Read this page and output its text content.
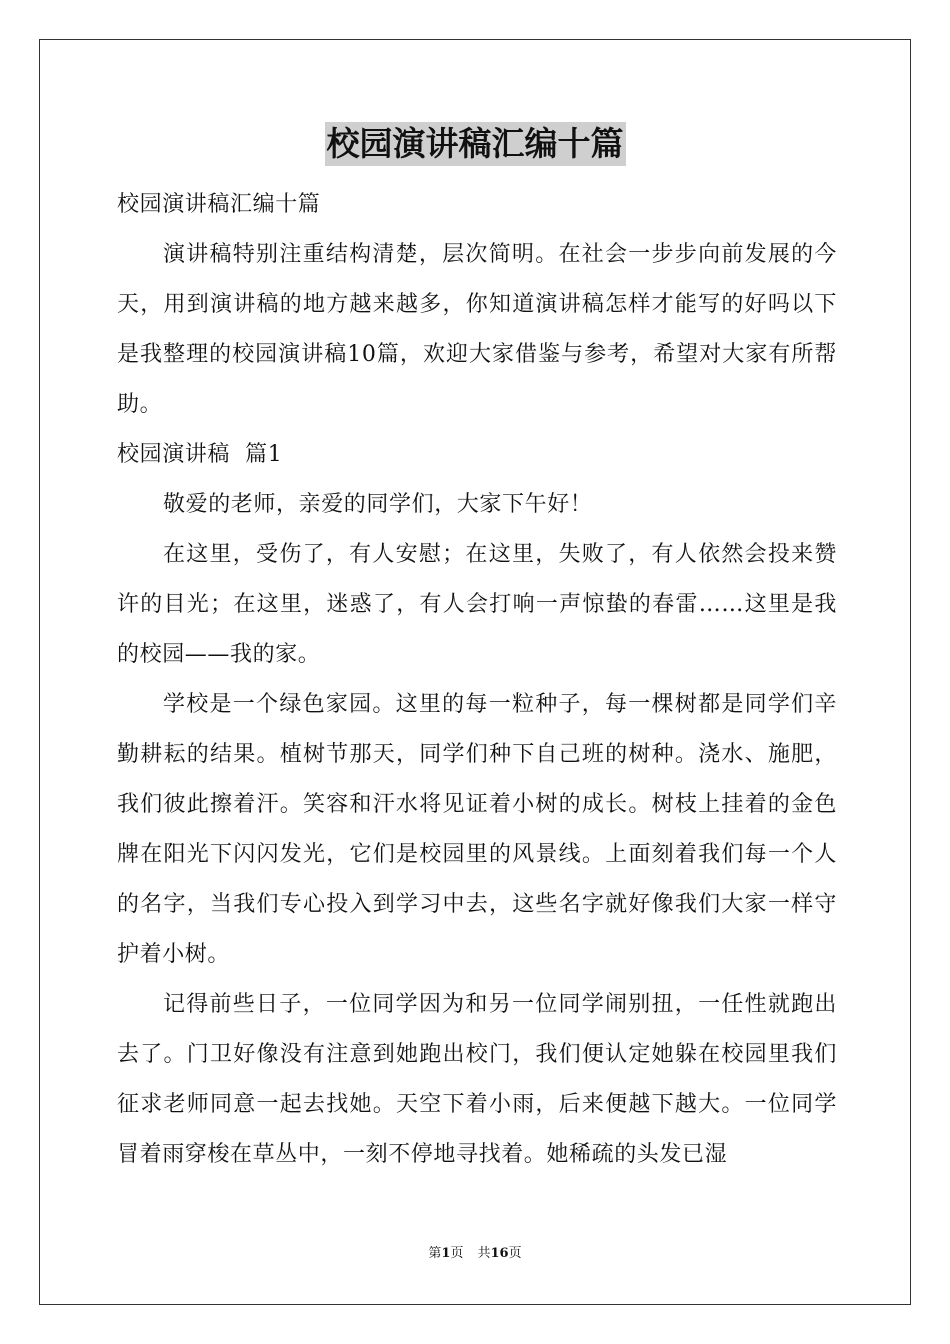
校园演讲稿汇编十篇

校园演讲稿汇编十篇

演讲稿特别注重结构清楚，层次简明。在社会一步步向前发展的今天，用到演讲稿的地方越来越多，你知道演讲稿怎样才能写的好吗以下是我整理的校园演讲稿10篇，欢迎大家借鉴与参考，希望对大家有所帮助。

校园演讲稿  篇1

敬爱的老师，亲爱的同学们，大家下午好！

在这里，受伤了，有人安慰；在这里，失败了，有人依然会投来赞许的目光；在这里，迷惑了，有人会打响一声惊蛰的春雷……这里是我的校园——我的家。

学校是一个绿色家园。这里的每一粒种子，每一棵树都是同学们辛勤耕耘的结果。植树节那天，同学们种下自己班的树种。浇水、施肥，我们彼此擦着汗。笑容和汗水将见证着小树的成长。树枝上挂着的金色牌在阳光下闪闪发光，它们是校园里的风景线。上面刻着我们每一个人的名字，当我们专心投入到学习中去，这些名字就好像我们大家一样守护着小树。

记得前些日子，一位同学因为和另一位同学闹别扭，一任性就跑出去了。门卫好像没有注意到她跑出校门，我们便认定她躲在校园里我们征求老师同意一起去找她。天空下着小雨，后来便越下越大。一位同学冒着雨穿梭在草丛中，一刻不停地寻找着。她稀疏的头发已湿

第1页 共16页
